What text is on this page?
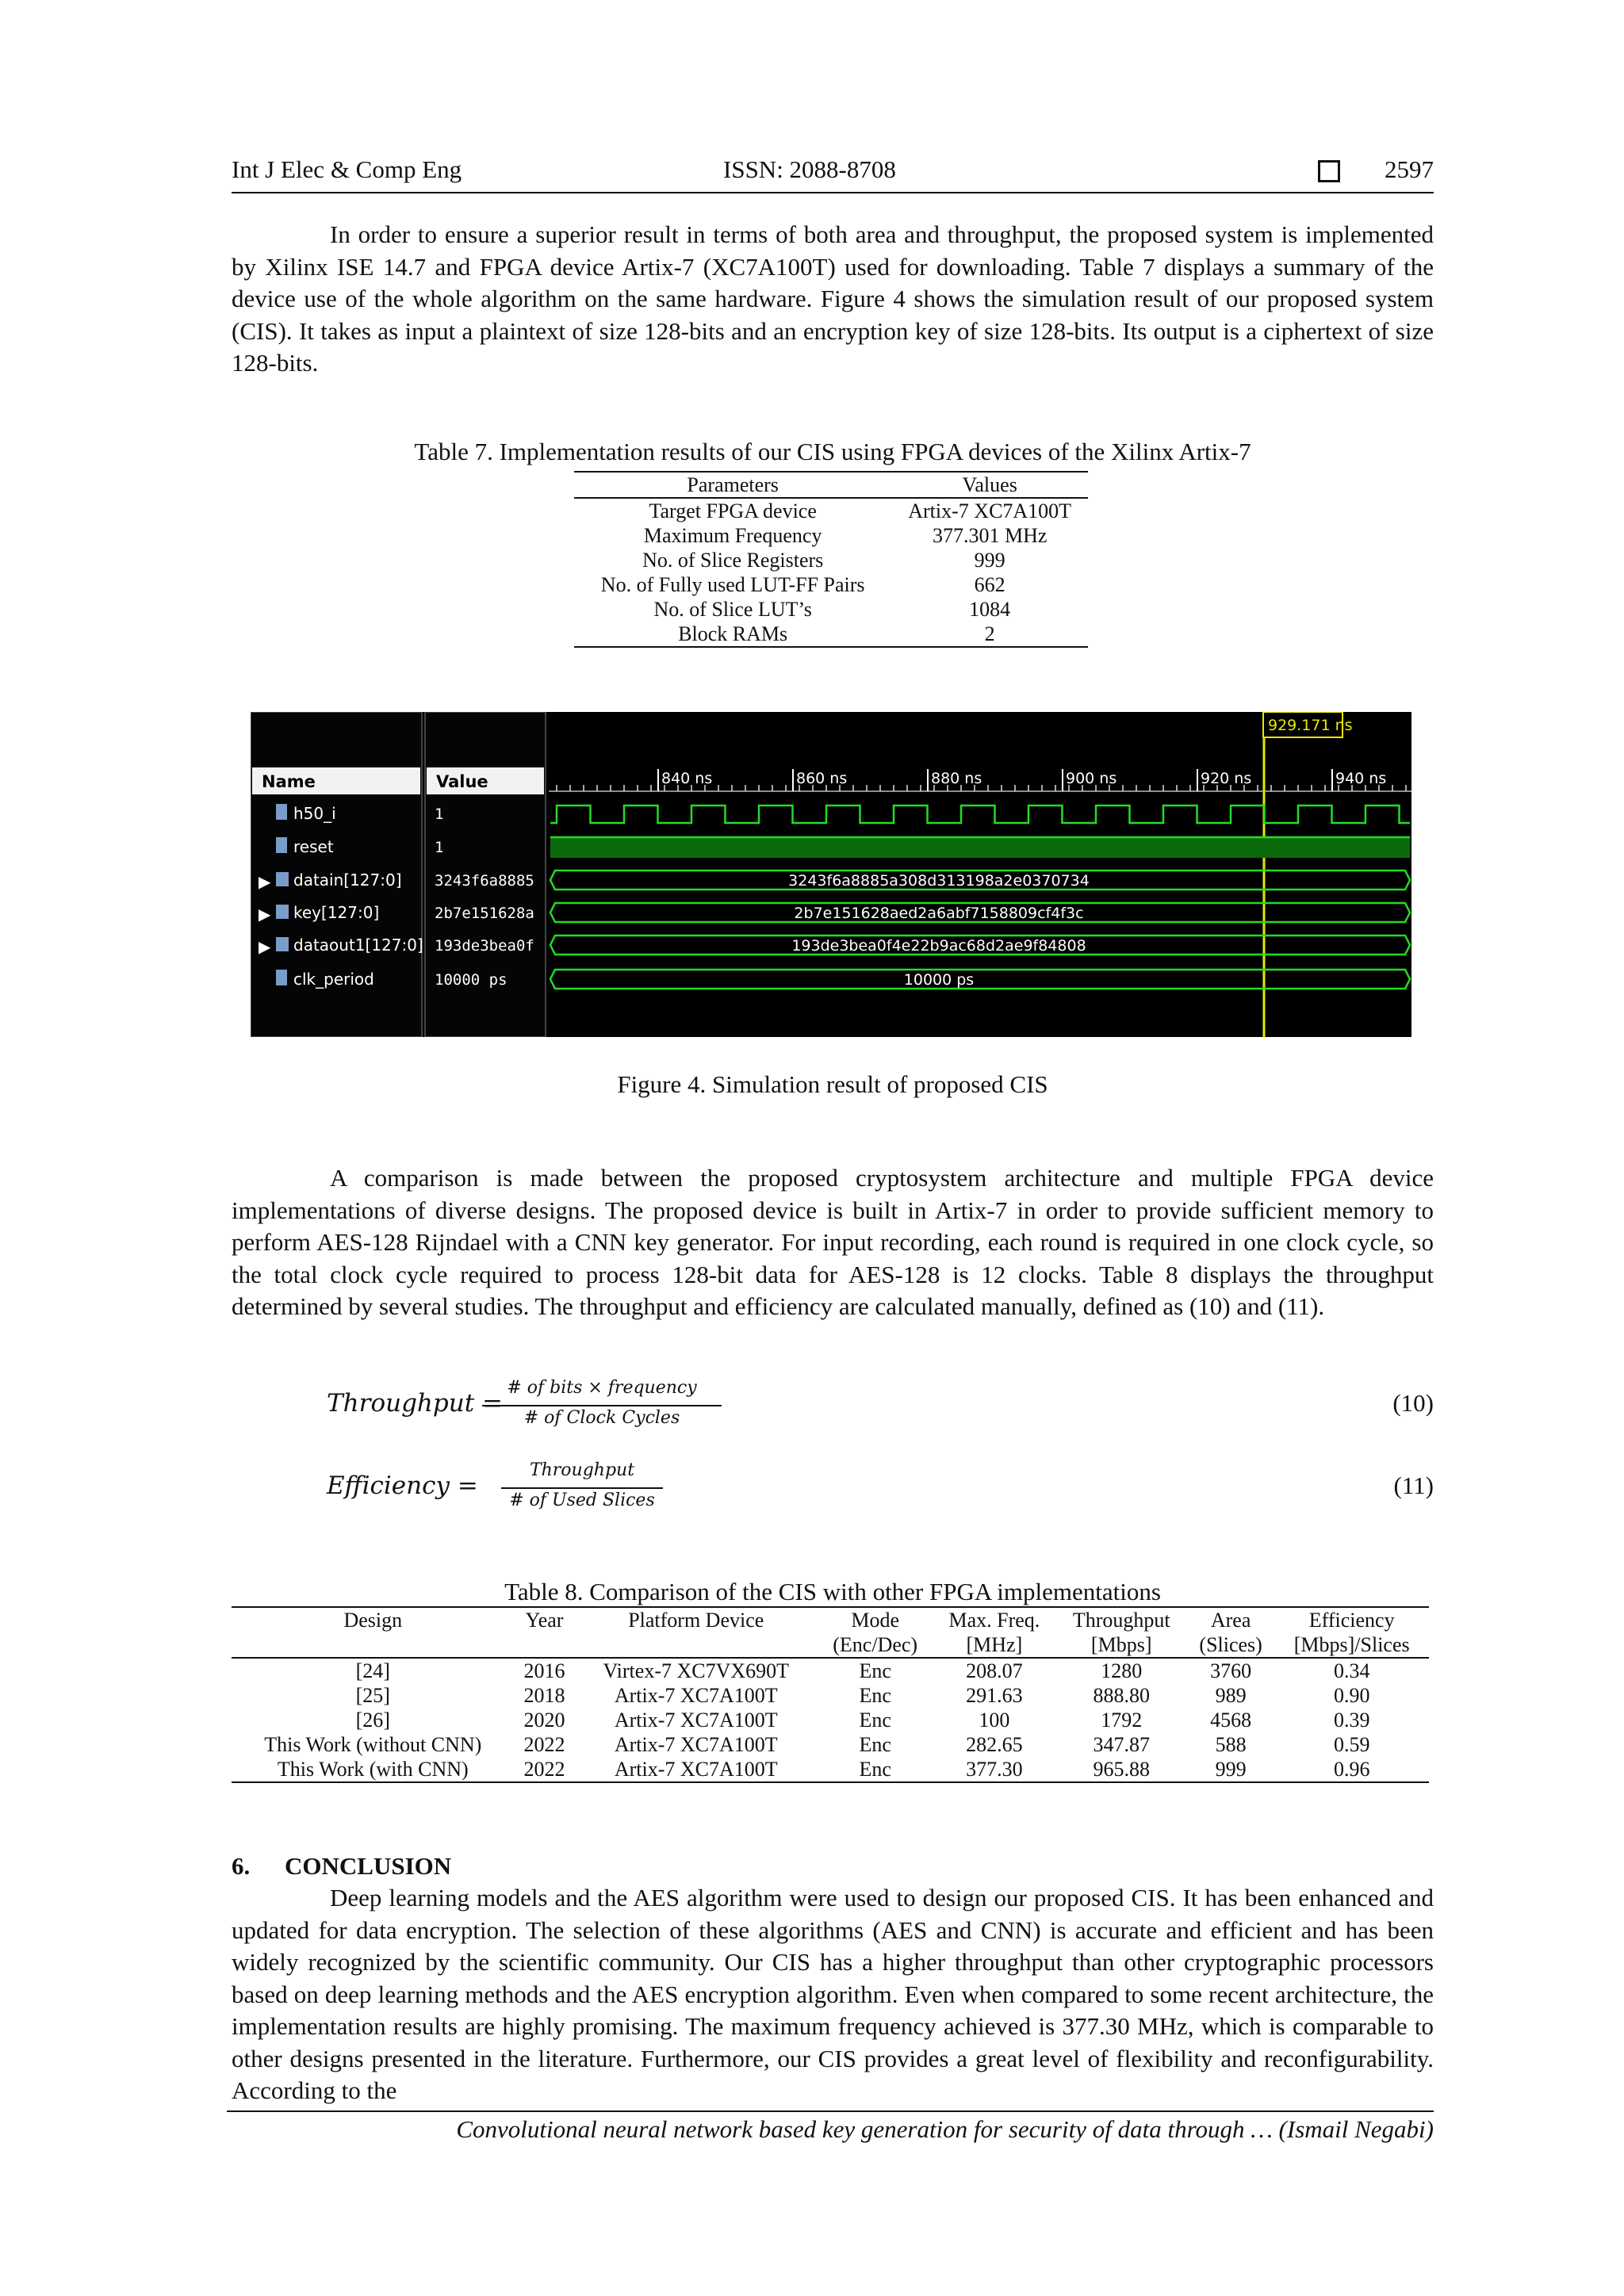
Int J Elec & Comp Eng	ISSN: 2088-8708	2597

In order to ensure a superior result in terms of both area and throughput, the proposed system is implemented by Xilinx ISE 14.7 and FPGA device Artix-7 (XC7A100T) used for downloading. Table 7 displays a summary of the device use of the whole algorithm on the same hardware. Figure 4 shows the simulation result of our proposed system (CIS). It takes as input a plaintext of size 128-bits and an encryption key of size 128-bits. Its output is a ciphertext of size 128-bits.

Table 7. Implementation results of our CIS using FPGA devices of the Xilinx Artix-7
Parameters	Values
Target FPGA device	Artix-7 XC7A100T
Maximum Frequency	377.301 MHz
No. of Slice Registers	999
No. of Fully used LUT-FF Pairs	662
No. of Slice LUT’s	1084
Block RAMs	2
Name	Value
929.171 ns
840 ns	860 ns	880 ns	900 ns	920 ns	940 ns
h50_i	1
reset	1
▶ datain[127:0] 3243f6a8885	3243f6a8885a308d313198a2e0370734
▶ key[127:0]	2b7e151628a	2b7e151628aed2a6abf7158809cf4f3c
▶ dataout1[127:0] 193de3bea0f	193de3bea0f4e22b9ac68d2ae9f84808
clk_period	10000 ps	10000 ps
Figure 4. Simulation result of proposed CIS

A comparison is made between the proposed cryptosystem architecture and multiple FPGA device implementations of diverse designs. The proposed device is built in Artix-7 in order to provide sufficient memory to perform AES-128 Rijndael with a CNN key generator. For input recording, each round is required in one clock cycle, so the total clock cycle required to process 128-bit data for AES-128 is 12 clocks. Table 8 displays the throughput determined by several studies. The throughput and efficiency are calculated manually, defined as (10) and (11).

Throughput =
# of bits × frequency
# of Clock Cycles
(10)
Efficiency =
Throughput
# of Used Slices
(11)
Table 8. Comparison of the CIS with other FPGA implementations
Design	Year	Platform Device	Mode	Max. Freq.	Throughput	Area	Efficiency
			(Enc/Dec)	[MHz]	[Mbps]	(Slices)	[Mbps]/Slices
[24]	2016	Virtex-7 XC7VX690T	Enc	208.07	1280	3760	0.34
[25]	2018	Artix-7 XC7A100T	Enc	291.63	888.80	989	0.90
[26]	2020	Artix-7 XC7A100T	Enc	100	1792	4568	0.39
This Work (without CNN)	2022	Artix-7 XC7A100T	Enc	282.65	347.87	588	0.59
This Work (with CNN)	2022	Artix-7 XC7A100T	Enc	377.30	965.88	999	0.96
6. CONCLUSION

Deep learning models and the AES algorithm were used to design our proposed CIS. It has been enhanced and updated for data encryption. The selection of these algorithms (AES and CNN) is accurate and efficient and has been widely recognized by the scientific community. Our CIS has a higher throughput than other cryptographic processors based on deep learning methods and the AES encryption algorithm. Even when compared to some recent architecture, the implementation results are highly promising. The maximum frequency achieved is 377.30 MHz, which is comparable to other designs presented in the literature. Furthermore, our CIS provides a great level of flexibility and reconfigurability. According to the

Convolutional neural network based key generation for security of data through … (Ismail Negabi)
